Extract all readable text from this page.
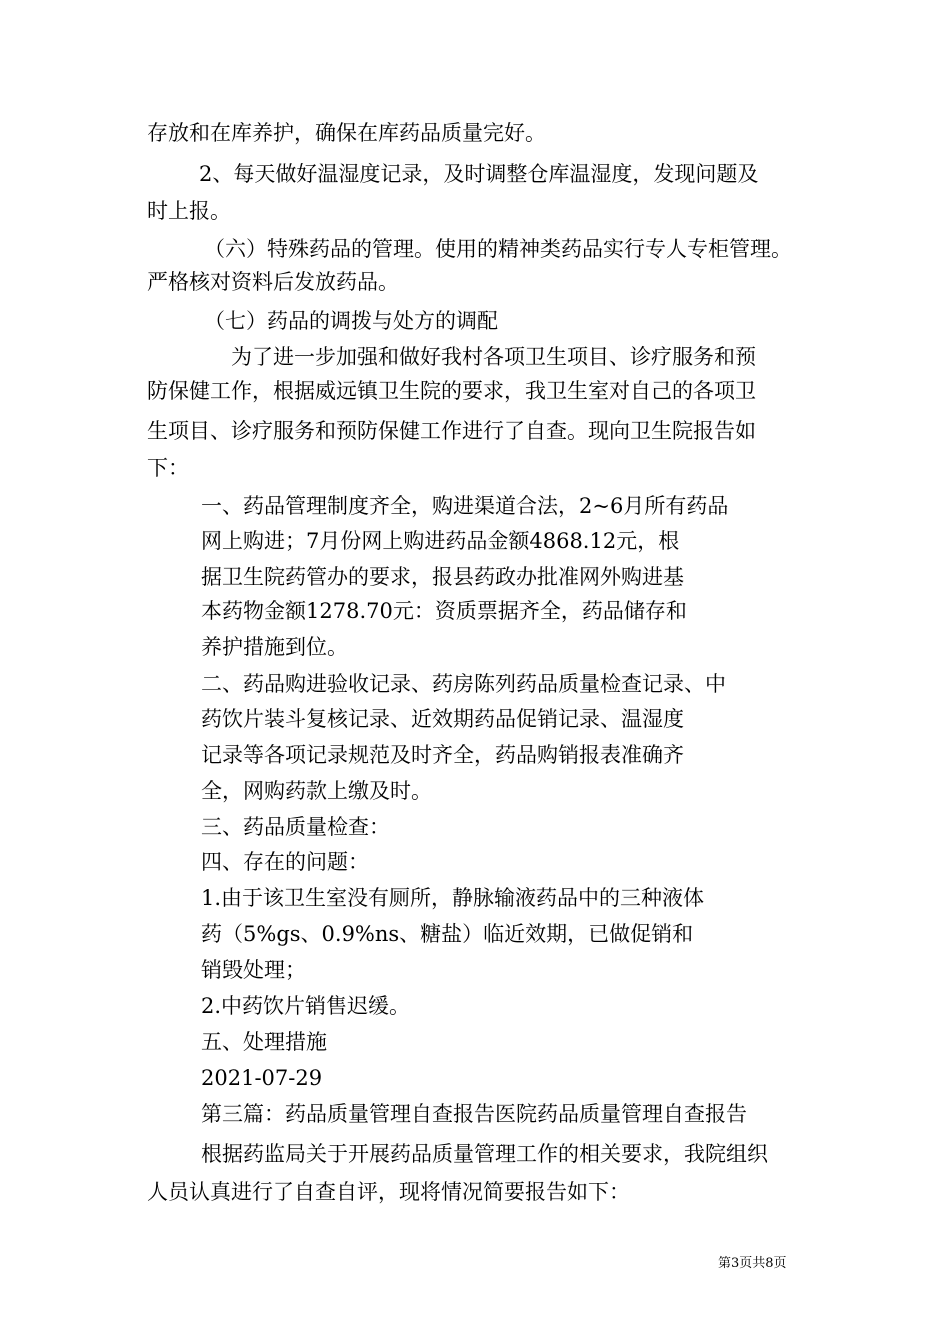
存放和在库养护，确保在库药品质量完好。

2、每天做好温湿度记录，及时调整仓库温湿度，发现问题及

时上报。

（六）特殊药品的管理。使用的精神类药品实行专人专柜管理。

严格核对资料后发放药品。

（七）药品的调拨与处方的调配

为了进一步加强和做好我村各项卫生项目、诊疗服务和预

防保健工作，根据威远镇卫生院的要求，我卫生室对自己的各项卫

生项目、诊疗服务和预防保健工作进行了自查。现向卫生院报告如

下：

一、药品管理制度齐全，购进渠道合法，2~6月所有药品

网上购进；7月份网上购进药品金额4868.12元，根

据卫生院药管办的要求，报县药政办批准网外购进基

本药物金额1278.70元：资质票据齐全，药品储存和

养护措施到位。

二、药品购进验收记录、药房陈列药品质量检查记录、中

药饮片装斗复核记录、近效期药品促销记录、温湿度

记录等各项记录规范及时齐全，药品购销报表准确齐

全，网购药款上缴及时。

三、药品质量检查：

四、存在的问题：

1.由于该卫生室没有厕所，静脉输液药品中的三种液体

药（5%gs、0.9%ns、糖盐）临近效期，已做促销和

销毁处理；

2.中药饮片销售迟缓。

五、处理措施

2021-07-29

第三篇：药品质量管理自查报告医院药品质量管理自查报告

根据药监局关于开展药品质量管理工作的相关要求，我院组织

人员认真进行了自查自评，现将情况简要报告如下：

第3页共8页
